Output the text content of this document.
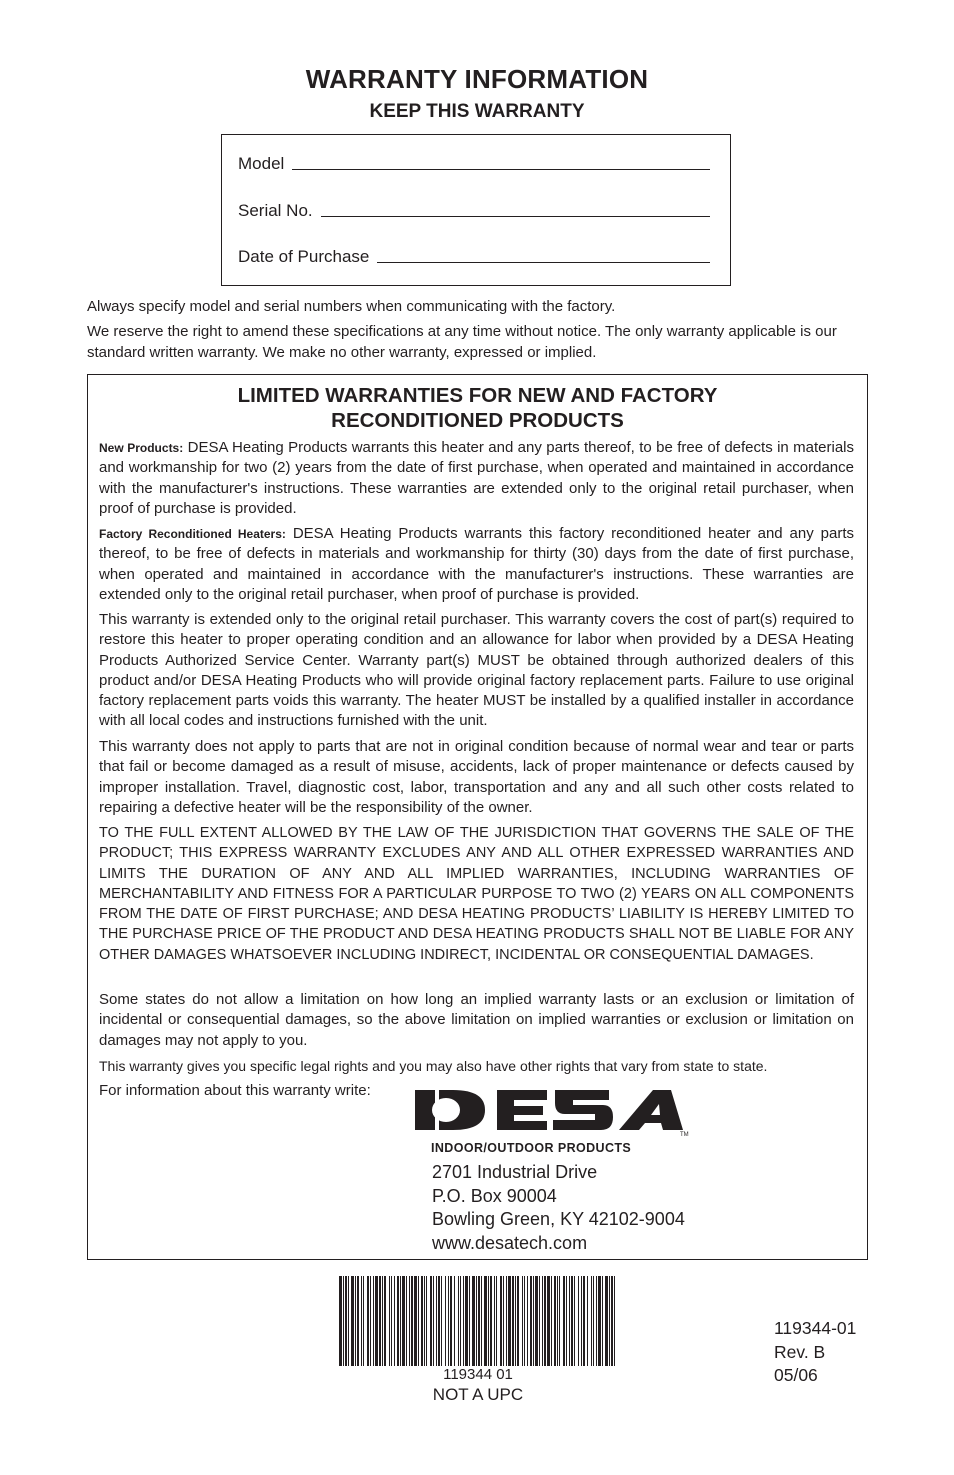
WARRANTY INFORMATION
KEEP THIS WARRANTY
Model
Serial No.
Date of Purchase
Always specify model and serial numbers when communicating with the factory.
We reserve the right to amend these specifications at any time without notice. The only warranty applicable is our standard written warranty. We make no other warranty, expressed or implied.
LIMITED WARRANTIES FOR NEW AND FACTORY
RECONDITIONED PRODUCTS
New Products: DESA Heating Products warrants this heater and any parts thereof, to be free of defects in materials and workmanship for two (2) years from the date of first purchase, when operated and maintained in accordance with the manufacturer's instructions. These warranties are extended only to the original retail purchaser, when proof of purchase is provided.
Factory Reconditioned Heaters: DESA Heating Products warrants this factory reconditioned heater and any parts thereof, to be free of defects in materials and workmanship for thirty (30) days from the date of first purchase, when operated and maintained in accordance with the manufacturer's instructions. These warranties are extended only to the original retail purchaser, when proof of purchase is provided.
This warranty is extended only to the original retail purchaser. This warranty covers the cost of part(s) required to restore this heater to proper operating condition and an allowance for labor when provided by a DESA Heating Products Authorized Service Center. Warranty part(s) MUST be obtained through authorized dealers of this product and/or DESA Heating Products who will provide original factory replacement parts. Failure to use original factory replacement parts voids this warranty. The heater MUST be installed by a qualified installer in accordance with all local codes and instructions furnished with the unit.
This warranty does not apply to parts that are not in original condition because of normal wear and tear or parts that fail or become damaged as a result of misuse, accidents, lack of proper maintenance or defects caused by improper installation. Travel, diagnostic cost, labor, transportation and any and all such other costs related to repairing a defective heater will be the responsibility of the owner.
TO THE FULL EXTENT ALLOWED BY THE LAW OF THE JURISDICTION THAT GOVERNS THE SALE OF THE PRODUCT; THIS EXPRESS WARRANTY EXCLUDES ANY AND ALL OTHER EXPRESSED WARRANTIES AND LIMITS THE DURATION OF ANY AND ALL IMPLIED WARRANTIES, INCLUDING WARRANTIES OF MERCHANTABILITY AND FITNESS FOR A PARTICULAR PURPOSE TO TWO (2) YEARS ON ALL COMPONENTS FROM THE DATE OF FIRST PURCHASE; AND DESA HEATING PRODUCTS’ LIABILITY IS HEREBY LIMITED TO THE PURCHASE PRICE OF THE PRODUCT AND DESA HEATING PRODUCTS SHALL NOT BE LIABLE FOR ANY OTHER DAMAGES WHATSOEVER INCLUDING INDIRECT, INCIDENTAL OR CONSEQUENTIAL DAMAGES.
Some states do not allow a limitation on how long an implied warranty lasts or an exclusion or limitation of incidental or consequential damages, so the above limitation on implied warranties or exclusion or limitation on damages may not apply to you.
This warranty gives you specific legal rights and you may also have other rights that vary from state to state.
For information about this warranty write:
TM
INDOOR/OUTDOOR PRODUCTS
2701 Industrial Drive
P.O. Box 90004
Bowling Green, KY 42102-9004
www.desatech.com
119344 01
NOT A UPC
119344-01
Rev. B
05/06
